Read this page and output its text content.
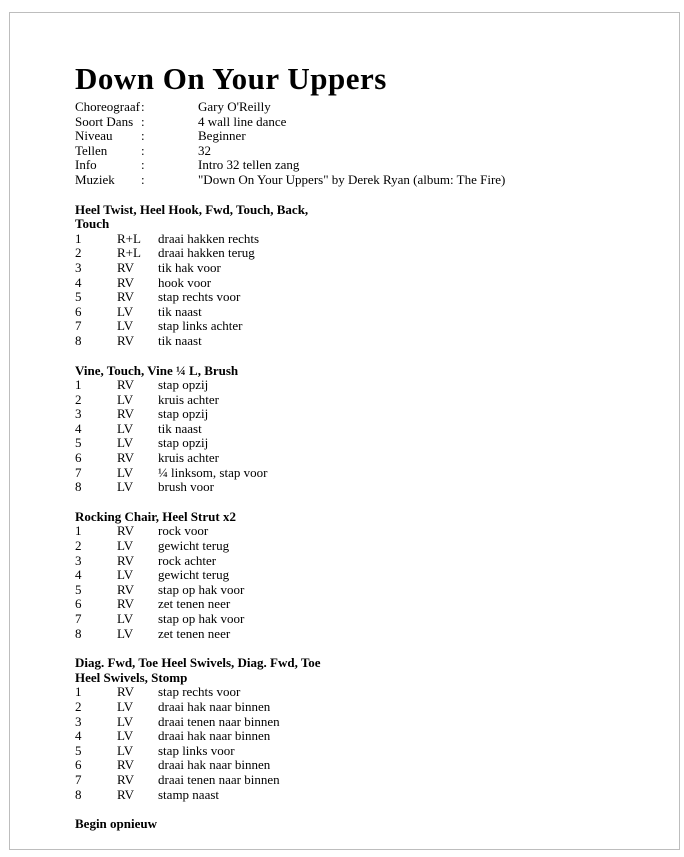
Down On Your Uppers
Choreograaf :	Gary O'Reilly
Soort Dans :	4 wall line dance
Niveau	:	Beginner
Tellen	:	32
Info	:	Intro 32 tellen zang
Muziek	:	"Down On Your Uppers" by Derek Ryan (album: The Fire)
Heel Twist, Heel Hook, Fwd, Touch, Back,
Touch
1	R+L	draai hakken rechts
2	R+L	draai hakken terug
3	RV	tik hak voor
4	RV	hook voor
5	RV	stap rechts voor
6	LV	tik naast
7	LV	stap links achter
8	RV	tik naast
Vine, Touch, Vine ¼ L, Brush
1	RV	stap opzij
2	LV	kruis achter
3	RV	stap opzij
4	LV	tik naast
5	LV	stap opzij
6	RV	kruis achter
7	LV	¼ linksom, stap voor
8	LV	brush voor
Rocking Chair, Heel Strut x2
1	RV	rock voor
2	LV	gewicht terug
3	RV	rock achter
4	LV	gewicht terug
5	RV	stap op hak voor
6	RV	zet tenen neer
7	LV	stap op hak voor
8	LV	zet tenen neer
Diag. Fwd, Toe Heel Swivels, Diag. Fwd, Toe
Heel Swivels, Stomp
1	RV	stap rechts voor
2	LV	draai hak naar binnen
3	LV	draai tenen naar binnen
4	LV	draai hak naar binnen
5	LV	stap links voor
6	RV	draai hak naar binnen
7	RV	draai tenen naar binnen
8	RV	stamp naast
Begin opnieuw
